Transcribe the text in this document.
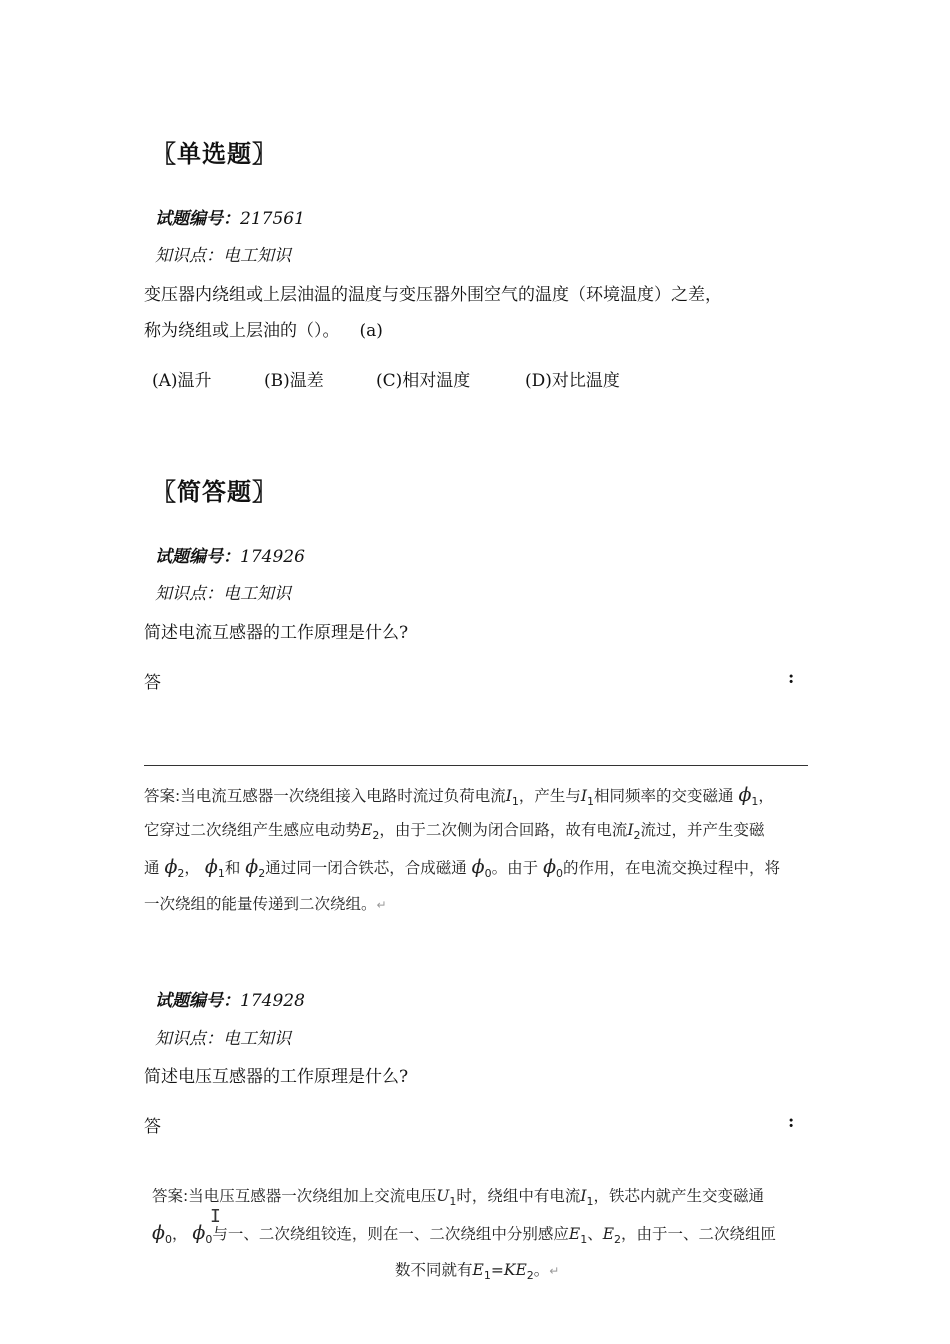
〖单选题〗
试题编号：217561
知识点：电工知识
变压器内绕组或上层油温的温度与变压器外围空气的温度（环境温度）之差，
称为绕组或上层油的（）。 (a)
(A)温升	(B)温差	(C)相对温度	(D)对比温度
〖简答题〗
试题编号：174926
知识点：电工知识
简述电流互感器的工作原理是什么?
答	:
答案:当电流互感器一次绕组接入电路时流过负荷电流$I_1$，产生与$I_1$相同频率的交变磁通 $\phi_1$，
它穿过二次绕组产生感应电动势$E_2$，由于二次侧为闭合回路，故有电流$I_2$流过，并产生变磁
通 $\phi_2$， $\phi_1$和 $\phi_2$通过同一闭合铁芯，合成磁通 $\phi_0$。由于 $\phi_0$的作用，在电流交换过程中，将
一次绕组的能量传递到二次绕组。↵
试题编号：174928
知识点：电工知识
简述电压互感器的工作原理是什么?
答	:
答案:当电压互感器一次绕组加上交流电压$U_1$时，绕组中有电流$I_1$，铁芯内就产生交变磁通
$\phi_0$， $\phi_0$与一、二次绕组铰连，则在一、二次绕组中分别感应$E_1$、$E_2$，由于一、二次绕组匝
I
数不同就有$E_1=KE_2$。↵
